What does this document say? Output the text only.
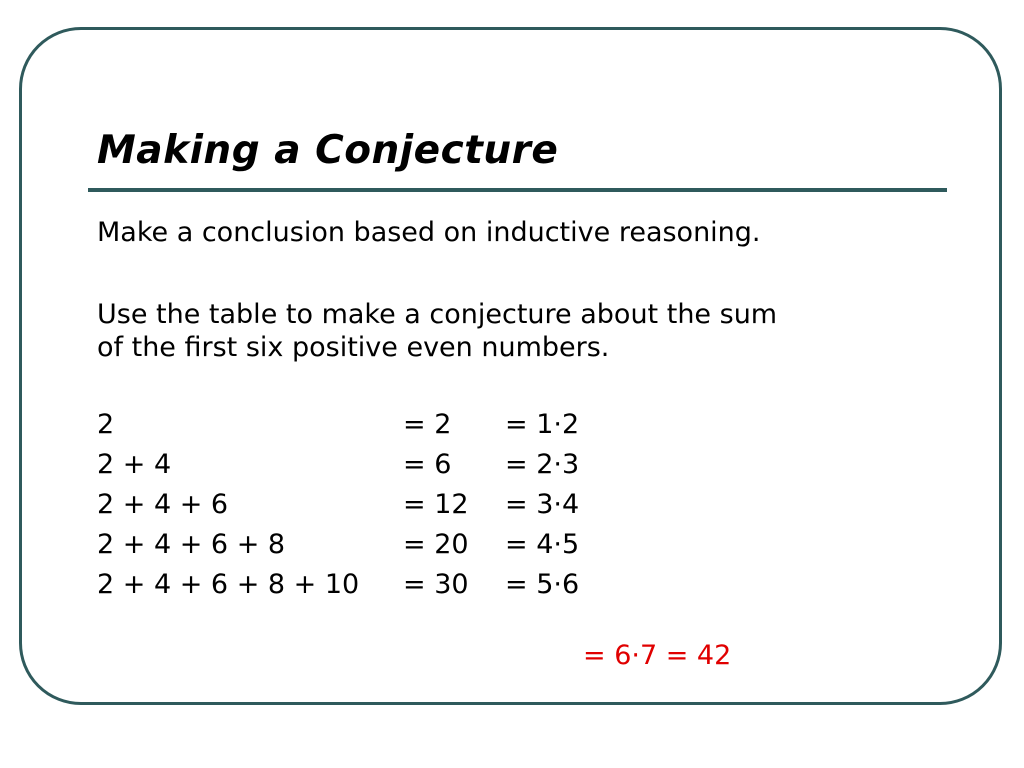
Making a Conjecture

Make a conclusion based on inductive reasoning.

Use the table to make a conjecture about the sum
of the first six positive even numbers.

2	= 2 = 1·2
2 + 4	= 6 = 2·3
2 + 4 + 6	= 12 = 3·4
2 + 4 + 6 + 8	= 20 = 4·5
2 + 4 + 6 + 8 + 10 = 30 = 5·6

= 6·7 = 42
